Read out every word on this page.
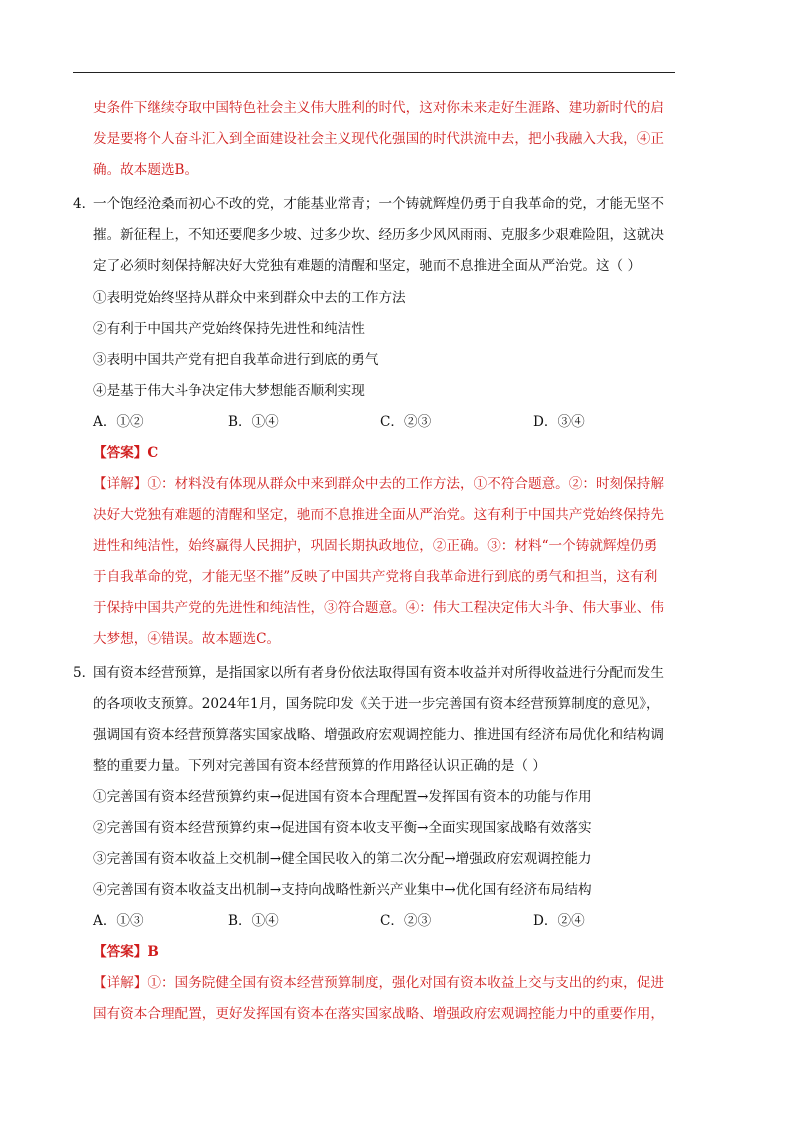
史条件下继续夺取中国特色社会主义伟大胜利的时代，这对你未来走好生涯路、建功新时代的启
发是要将个人奋斗汇入到全面建设社会主义现代化强国的时代洪流中去，把小我融入大我，④正
确。故本题选B。
4．
一个饱经沧桑而初心不改的党，才能基业常青；一个铸就辉煌仍勇于自我革命的党，才能无坚不
摧。新征程上，不知还要爬多少坡、过多少坎、经历多少风风雨雨、克服多少艰难险阻，这就决
定了必须时刻保持解决好大党独有难题的清醒和坚定，驰而不息推进全面从严治党。这（ ）
①表明党始终坚持从群众中来到群众中去的工作方法
②有利于中国共产党始终保持先进性和纯洁性
③表明中国共产党有把自我革命进行到底的勇气
④是基于伟大斗争决定伟大梦想能否顺利实现
A．①②	B．①④	C．②③	D．③④
【答案】C
【详解】①：材料没有体现从群众中来到群众中去的工作方法，①不符合题意。②：时刻保持解
决好大党独有难题的清醒和坚定，驰而不息推进全面从严治党。这有利于中国共产党始终保持先
进性和纯洁性，始终赢得人民拥护，巩固长期执政地位，②正确。③：材料“一个铸就辉煌仍勇
于自我革命的党，才能无坚不摧”反映了中国共产党将自我革命进行到底的勇气和担当，这有利
于保持中国共产党的先进性和纯洁性，③符合题意。④：伟大工程决定伟大斗争、伟大事业、伟
大梦想，④错误。故本题选C。
5．
国有资本经营预算，是指国家以所有者身份依法取得国有资本收益并对所得收益进行分配而发生
的各项收支预算。2024年1月，国务院印发《关于进一步完善国有资本经营预算制度的意见》，
强调国有资本经营预算落实国家战略、增强政府宏观调控能力、推进国有经济布局优化和结构调
整的重要力量。下列对完善国有资本经营预算的作用路径认识正确的是（ ）
①完善国有资本经营预算约束→促进国有资本合理配置→发挥国有资本的功能与作用
②完善国有资本经营预算约束→促进国有资本收支平衡→全面实现国家战略有效落实
③完善国有资本收益上交机制→健全国民收入的第二次分配→增强政府宏观调控能力
④完善国有资本收益支出机制→支持向战略性新兴产业集中→优化国有经济布局结构
A．①③	B．①④	C．②③	D．②④
【答案】B
【详解】①：国务院健全国有资本经营预算制度，强化对国有资本收益上交与支出的约束，促进
国有资本合理配置，更好发挥国有资本在落实国家战略、增强政府宏观调控能力中的重要作用，
